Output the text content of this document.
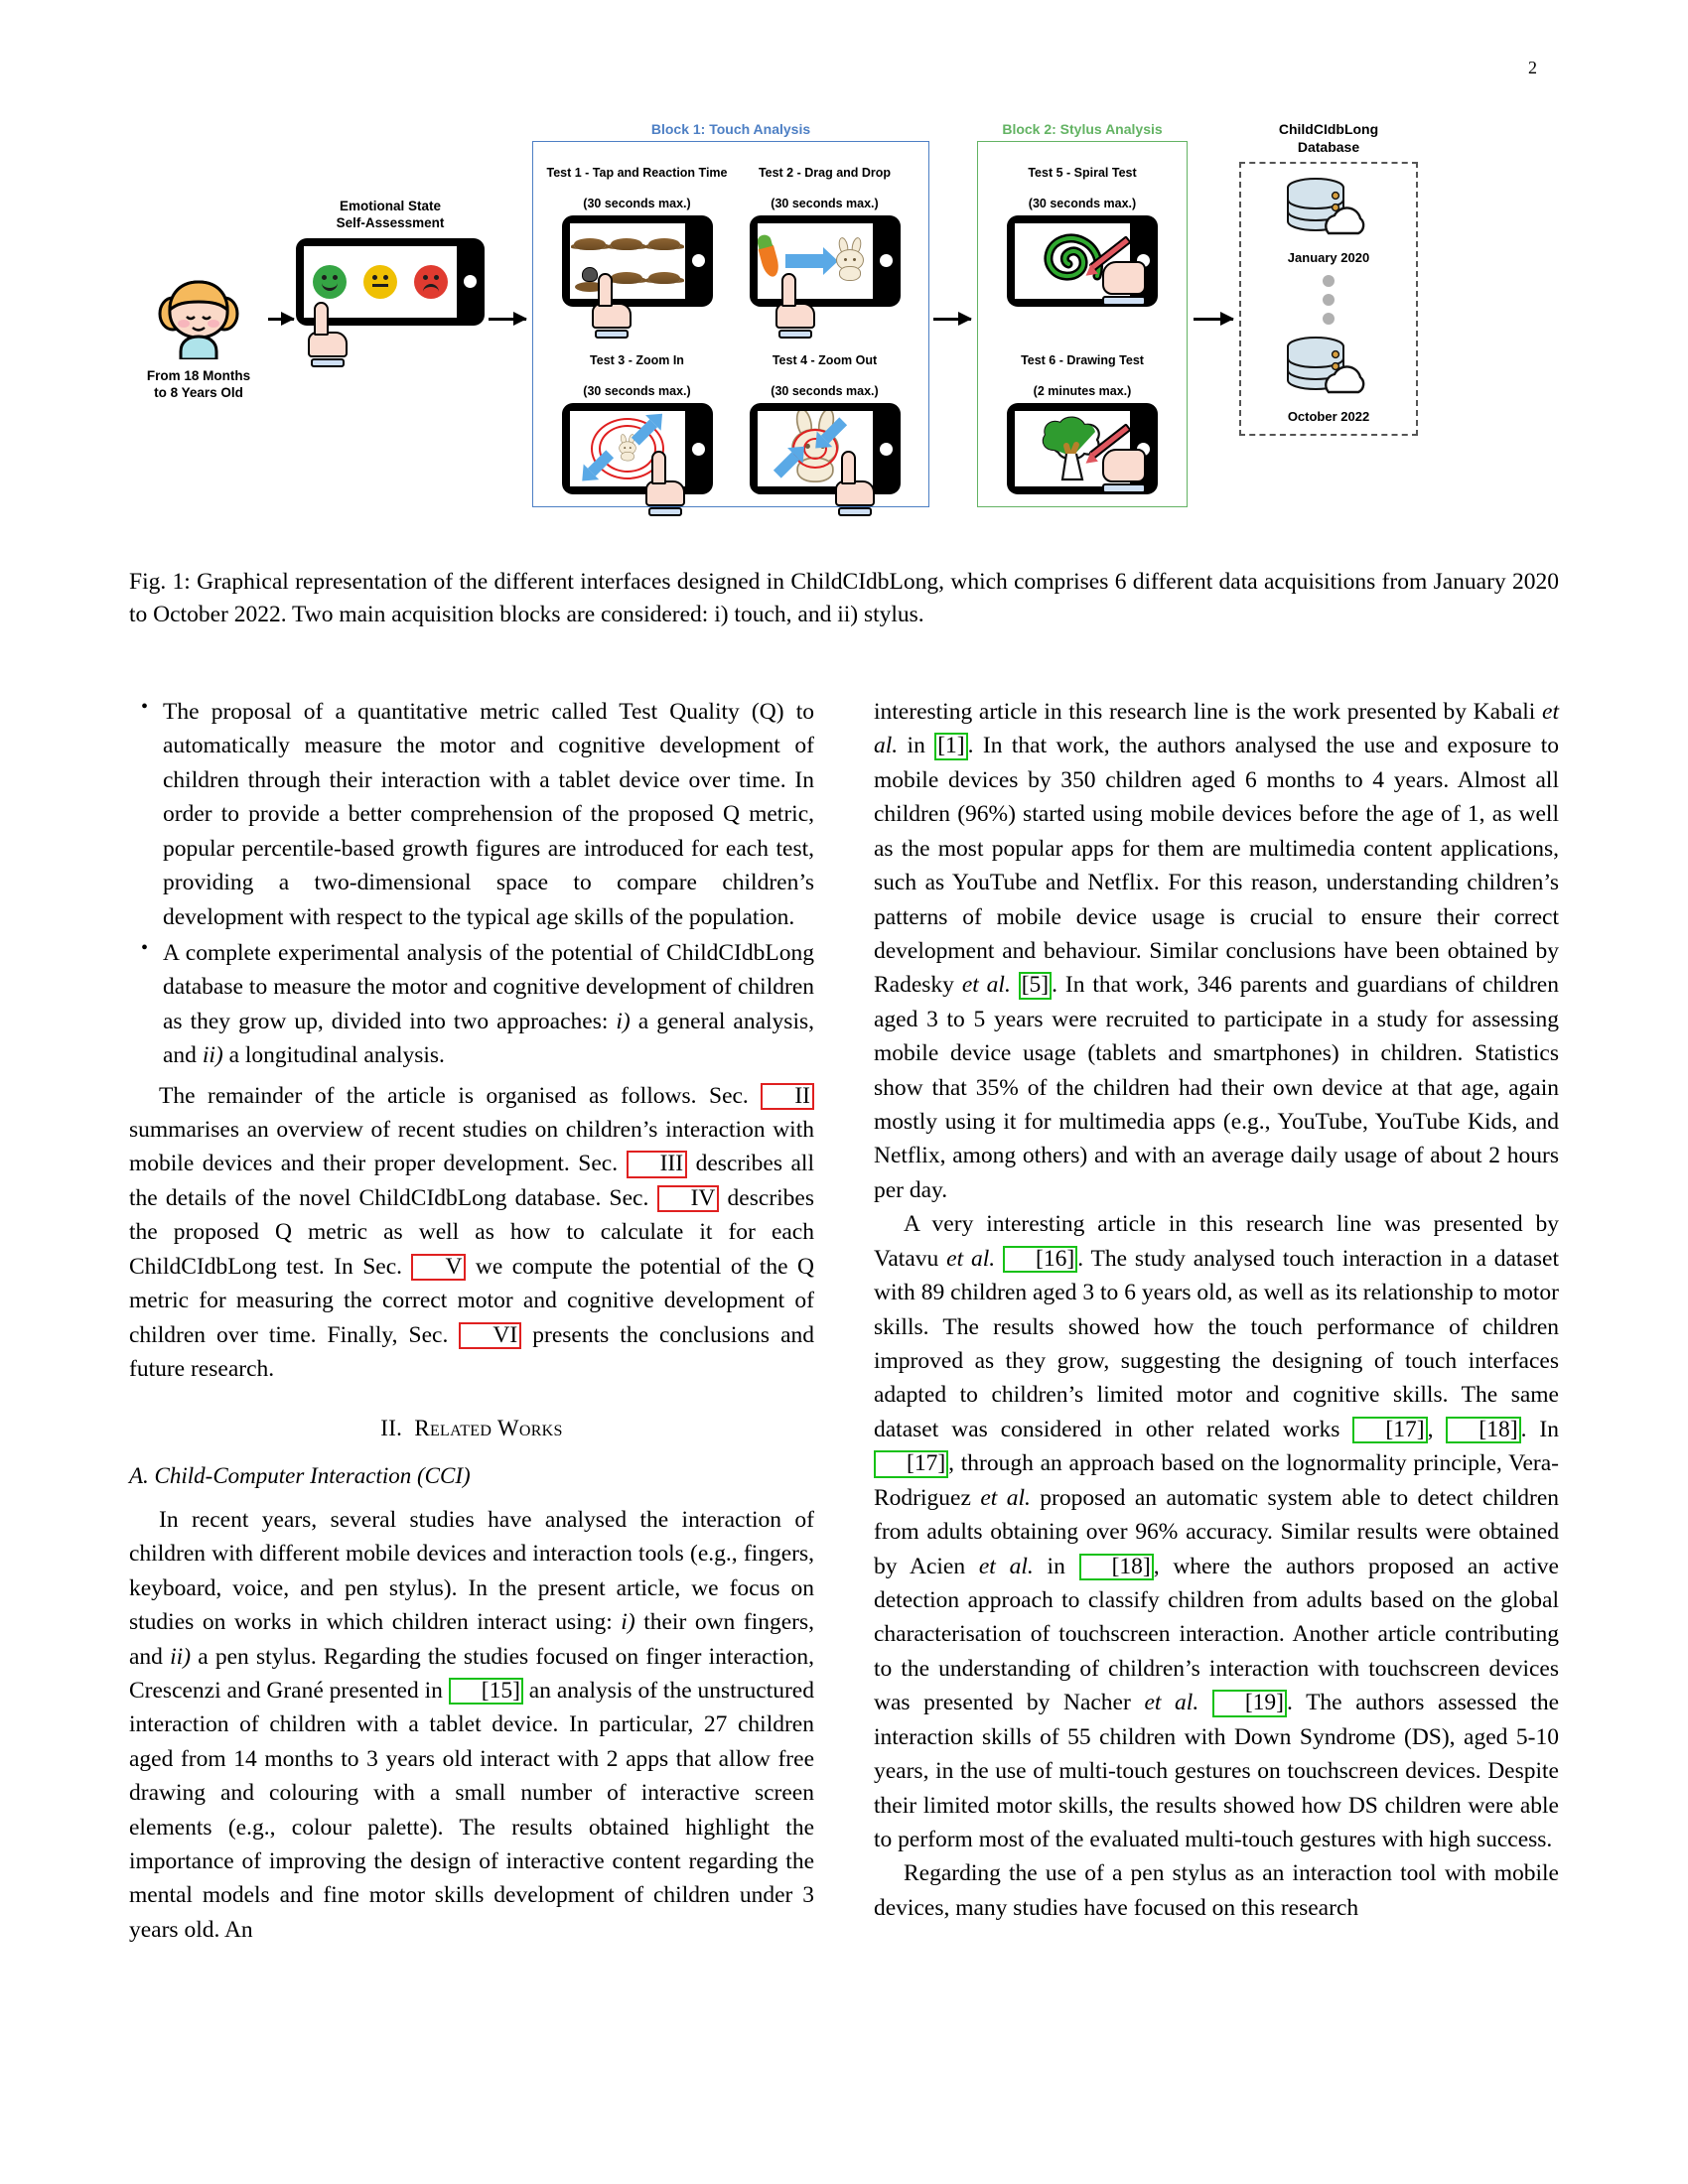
2
From 18 Months
to 8 Years Old
Emotional State
Self-Assessment
Block 1: Touch Analysis

Test 1 - Tap and Reaction Time

(30 seconds max.)

Test 2 - Drag and Drop

(30 seconds max.)

Test 3 - Zoom In

(30 seconds max.)

Test 4 - Zoom Out

(30 seconds max.)

Block 2: Stylus Analysis

Test 5 - Spiral Test

(30 seconds max.)

Test 6 - Drawing Test

(2 minutes max.)

ChildCIdbLong
Database
January 2020
October 2022
Fig. 1: Graphical representation of the different interfaces designed in ChildCIdbLong, which comprises 6 different data acquisitions from January 2020 to October 2022. Two main acquisition blocks are considered: i) touch, and ii) stylus.
• The proposal of a quantitative metric called Test Quality (Q) to automatically measure the motor and cognitive development of children through their interaction with a tablet device over time. In order to provide a better comprehension of the proposed Q metric, popular percentile-based growth figures are introduced for each test, providing a two-dimensional space to compare children’s development with respect to the typical age skills of the population.
• A complete experimental analysis of the potential of ChildCIdbLong database to measure the motor and cognitive development of children as they grow up, divided into two approaches: i) a general analysis, and ii) a longitudinal analysis.

The remainder of the article is organised as follows. Sec. II summarises an overview of recent studies on children’s interaction with mobile devices and their proper development. Sec. III describes all the details of the novel ChildCIdbLong database. Sec. IV describes the proposed Q metric as well as how to calculate it for each ChildCIdbLong test. In Sec. V we compute the potential of the Q metric for measuring the correct motor and cognitive development of children over time. Finally, Sec. VI presents the conclusions and future research.

II. Related Works
A. Child-Computer Interaction (CCI)

In recent years, several studies have analysed the interaction of children with different mobile devices and interaction tools (e.g., fingers, keyboard, voice, and pen stylus). In the present article, we focus on studies on works in which children interact using: i) their own fingers, and ii) a pen stylus. Regarding the studies focused on finger interaction, Crescenzi and Grané presented in [15] an analysis of the unstructured interaction of children with a tablet device. In particular, 27 children aged from 14 months to 3 years old interact with 2 apps that allow free drawing and colouring with a small number of interactive screen elements (e.g., colour palette). The results obtained highlight the importance of improving the design of interactive content regarding the mental models and fine motor skills development of children under 3 years old. An

interesting article in this research line is the work presented by Kabali et al. in [1] . In that work, the authors analysed the use and exposure to mobile devices by 350 children aged 6 months to 4 years. Almost all children (96%) started using mobile devices before the age of 1, as well as the most popular apps for them are multimedia content applications, such as YouTube and Netflix. For this reason, understanding children’s patterns of mobile device usage is crucial to ensure their correct development and behaviour. Similar conclusions have been obtained by Radesky et al. [5] . In that work, 346 parents and guardians of children aged 3 to 5 years were recruited to participate in a study for assessing mobile device usage (tablets and smartphones) in children. Statistics show that 35% of the children had their own device at that age, again mostly using it for multimedia apps (e.g., YouTube, YouTube Kids, and Netflix, among others) and with an average daily usage of about 2 hours per day.

A very interesting article in this research line was presented by Vatavu et al. [16] . The study analysed touch interaction in a dataset with 89 children aged 3 to 6 years old, as well as its relationship to motor skills. The results showed how the touch performance of children improved as they grow, suggesting the designing of touch interfaces adapted to children’s limited motor and cognitive skills. The same dataset was considered in other related works [17] , [18] . In [17] , through an approach based on the lognormality principle, Vera-Rodriguez et al. proposed an automatic system able to detect children from adults obtaining over 96% accuracy. Similar results were obtained by Acien et al. in [18] , where the authors proposed an active detection approach to classify children from adults based on the global characterisation of touchscreen interaction. Another article contributing to the understanding of children’s interaction with touchscreen devices was presented by Nacher et al. [19] . The authors assessed the interaction skills of 55 children with Down Syndrome (DS), aged 5-10 years, in the use of multi-touch gestures on touchscreen devices. Despite their limited motor skills, the results showed how DS children were able to perform most of the evaluated multi-touch gestures with high success.

Regarding the use of a pen stylus as an interaction tool with mobile devices, many studies have focused on this research
